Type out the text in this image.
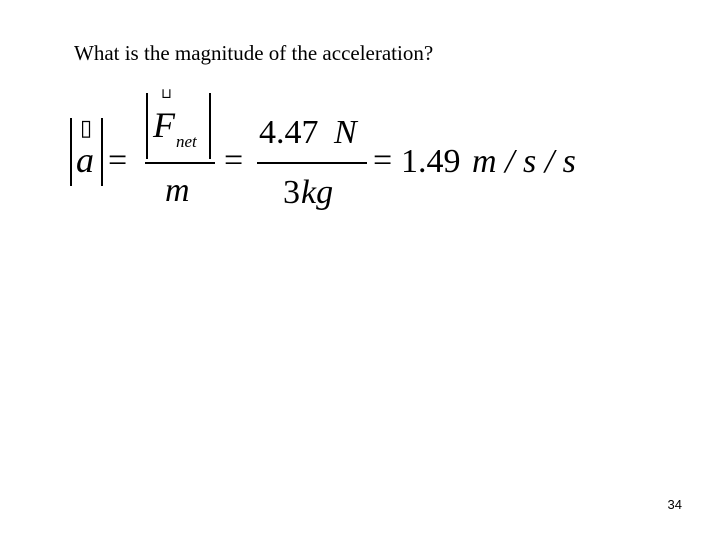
What is the magnitude of the acceleration?
▯
a =
⊔
F net
m
=
4.47 N
3 kg
= 1.49 m / s / s
34
